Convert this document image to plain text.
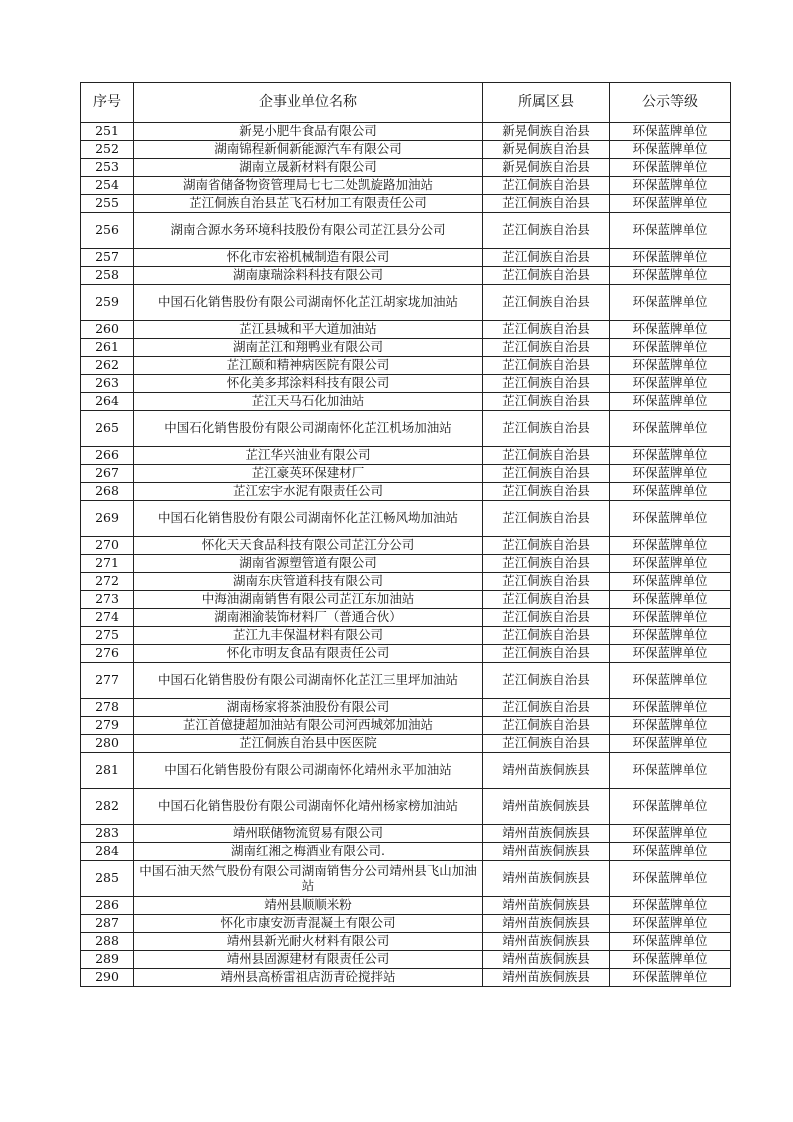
序号	企事业单位名称	所属区县	公示等级
251	新晃小肥牛食品有限公司	新晃侗族自治县	环保蓝牌单位
252	湖南锦程新侗新能源汽车有限公司	新晃侗族自治县	环保蓝牌单位
253	湖南立晟新材料有限公司	新晃侗族自治县	环保蓝牌单位
254	湖南省储备物资管理局七七二处凯旋路加油站	芷江侗族自治县	环保蓝牌单位
255	芷江侗族自治县芷飞石材加工有限责任公司	芷江侗族自治县	环保蓝牌单位
256	湖南合源水务环境科技股份有限公司芷江县分公司	芷江侗族自治县	环保蓝牌单位
257	怀化市宏裕机械制造有限公司	芷江侗族自治县	环保蓝牌单位
258	湖南康瑞涂料科技有限公司	芷江侗族自治县	环保蓝牌单位
259	中国石化销售股份有限公司湖南怀化芷江胡家垅加油站	芷江侗族自治县	环保蓝牌单位
260	芷江县城和平大道加油站	芷江侗族自治县	环保蓝牌单位
261	湖南芷江和翔鸭业有限公司	芷江侗族自治县	环保蓝牌单位
262	芷江颐和精神病医院有限公司	芷江侗族自治县	环保蓝牌单位
263	怀化美多邦涂料科技有限公司	芷江侗族自治县	环保蓝牌单位
264	芷江天马石化加油站	芷江侗族自治县	环保蓝牌单位
265	中国石化销售股份有限公司湖南怀化芷江机场加油站	芷江侗族自治县	环保蓝牌单位
266	芷江华兴油业有限公司	芷江侗族自治县	环保蓝牌单位
267	芷江豪英环保建材厂	芷江侗族自治县	环保蓝牌单位
268	芷江宏宇水泥有限责任公司	芷江侗族自治县	环保蓝牌单位
269	中国石化销售股份有限公司湖南怀化芷江畅风坳加油站	芷江侗族自治县	环保蓝牌单位
270	怀化天天食品科技有限公司芷江分公司	芷江侗族自治县	环保蓝牌单位
271	湖南省源塑管道有限公司	芷江侗族自治县	环保蓝牌单位
272	湖南东庆管道科技有限公司	芷江侗族自治县	环保蓝牌单位
273	中海油湖南销售有限公司芷江东加油站	芷江侗族自治县	环保蓝牌单位
274	湖南湘渝装饰材料厂（普通合伙）	芷江侗族自治县	环保蓝牌单位
275	芷江九丰保温材料有限公司	芷江侗族自治县	环保蓝牌单位
276	怀化市明友食品有限责任公司	芷江侗族自治县	环保蓝牌单位
277	中国石化销售股份有限公司湖南怀化芷江三里坪加油站	芷江侗族自治县	环保蓝牌单位
278	湖南杨家将茶油股份有限公司	芷江侗族自治县	环保蓝牌单位
279	芷江首億捷超加油站有限公司河西城郊加油站	芷江侗族自治县	环保蓝牌单位
280	芷江侗族自治县中医医院	芷江侗族自治县	环保蓝牌单位
281	中国石化销售股份有限公司湖南怀化靖州永平加油站	靖州苗族侗族县	环保蓝牌单位
282	中国石化销售股份有限公司湖南怀化靖州杨家榜加油站	靖州苗族侗族县	环保蓝牌单位
283	靖州联储物流贸易有限公司	靖州苗族侗族县	环保蓝牌单位
284	湖南红湘之梅酒业有限公司.	靖州苗族侗族县	环保蓝牌单位
285	中国石油天然气股份有限公司湖南销售分公司靖州县飞山加油站	靖州苗族侗族县	环保蓝牌单位
286	靖州县顺顺米粉	靖州苗族侗族县	环保蓝牌单位
287	怀化市康安沥青混凝土有限公司	靖州苗族侗族县	环保蓝牌单位
288	靖州县新光耐火材料有限公司	靖州苗族侗族县	环保蓝牌单位
289	靖州县固源建材有限责任公司	靖州苗族侗族县	环保蓝牌单位
290	靖州县高桥雷祖店沥青砼搅拌站	靖州苗族侗族县	环保蓝牌单位
